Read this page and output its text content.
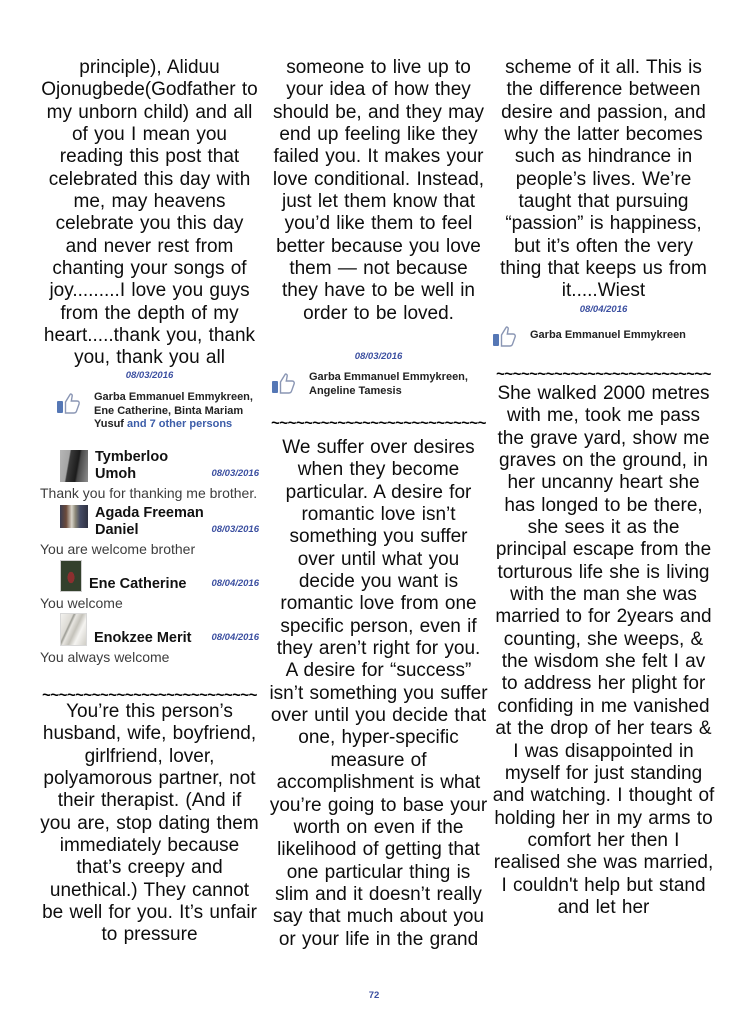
principle), Aliduu Ojonugbede(Godfather to my unborn child) and all of you I mean you reading this post that celebrated this day with me, may heavens celebrate you this day and never rest from chanting your songs of joy.........I love you guys from the depth of my heart.....thank you, thank you, thank you all

08/03/2016
Garba Emmanuel Emmykreen, Ene Catherine, Binta Mariam Yusuf and 7 other persons
Tymberloo Umoh	08/03/2016
Thank you for thanking me brother.
Agada Freeman Daniel	08/03/2016
You are welcome brother
Ene Catherine	08/04/2016
You welcome
Enokzee Merit 08/04/2016
You always welcome
~~~~~

You’re this person’s husband, wife, boyfriend, girlfriend, lover, polyamorous partner, not their therapist. (And if you are, stop dating them immediately because that’s creepy and unethical.) They cannot be well for you. It’s unfair to pressure

someone to live up to your idea of how they should be, and they may end up feeling like they failed you. It makes your love conditional. Instead, just let them know that you’d like them to feel better because you love them — not because they have to be well in order to be loved.

08/03/2016
Garba Emmanuel Emmykreen, Angeline Tamesis
~~~~~

We suffer over desires when they become particular. A desire for romantic love isn’t something you suffer over until what you decide you want is romantic love from one specific person, even if they aren’t right for you. A desire for “success” isn’t something you suffer over until you decide that one, hyper-specific measure of accomplishment is what you’re going to base your worth on even if the likelihood of getting that one particular thing is slim and it doesn’t really say that much about you or your life in the grand

scheme of it all. This is the difference between desire and passion, and why the latter becomes such as hindrance in people’s lives. We’re taught that pursuing “passion” is happiness, but it’s often the very thing that keeps us from it.....Wiest

08/04/2016
Garba Emmanuel Emmykreen
~~~~~

She walked 2000 metres with me, took me pass the grave yard, show me graves on the ground, in her uncanny heart she has longed to be there, she sees it as the principal escape from the torturous life she is living with the man she was married to for 2years and counting, she weeps, & the wisdom she felt I av to address her plight for confiding in me vanished at the drop of her tears & I was disappointed in myself for just standing and watching. I thought of holding her in my arms to comfort her then I realised she was married, I couldn't help but stand and let her

72
